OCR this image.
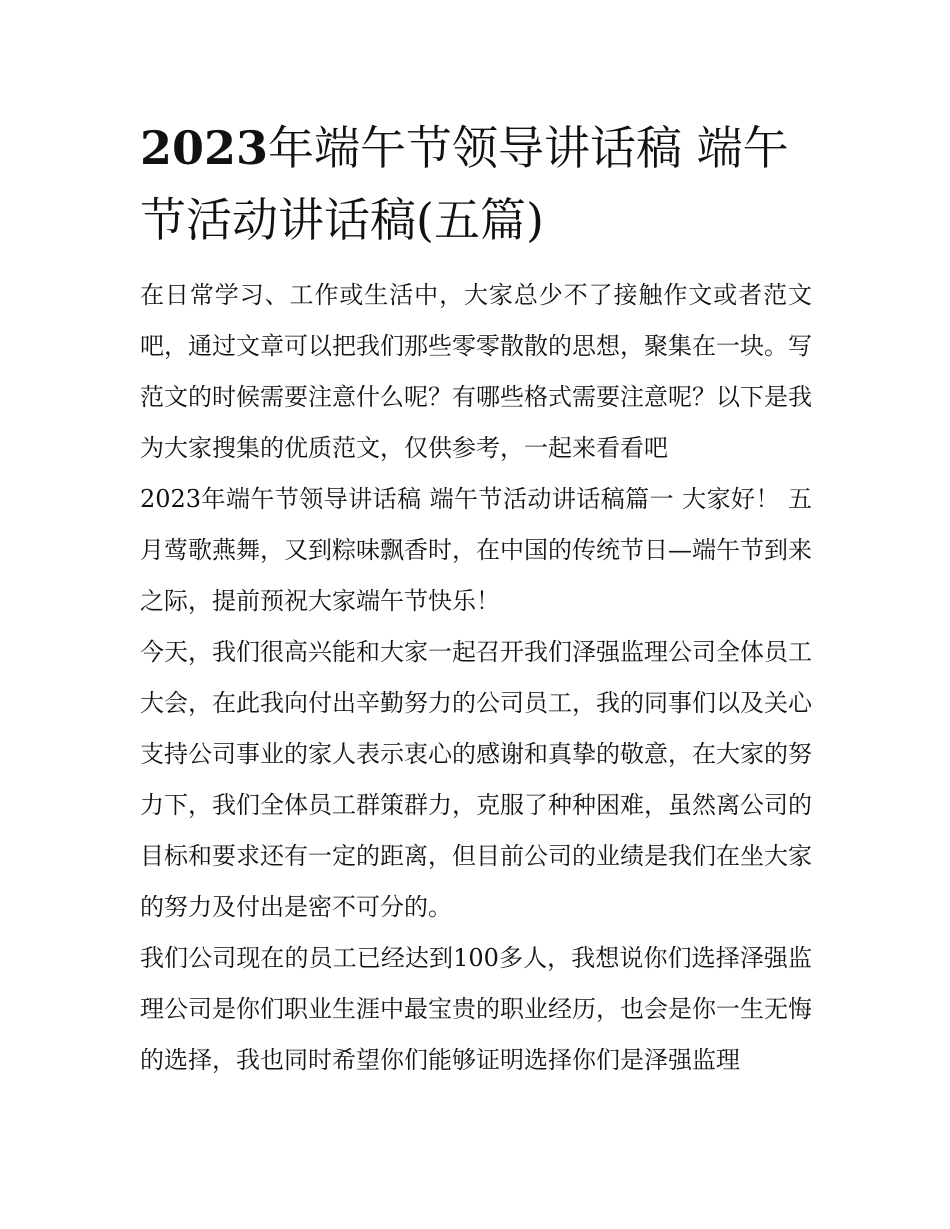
2023年端午节领导讲话稿 端午节活动讲话稿(五篇)

在日常学习、工作或生活中，大家总少不了接触作文或者范文吧，通过文章可以把我们那些零零散散的思想，聚集在一块。写范文的时候需要注意什么呢？有哪些格式需要注意呢？以下是我为大家搜集的优质范文，仅供参考，一起来看看吧

2023年端午节领导讲话稿 端午节活动讲话稿篇一 大家好！ 五月莺歌燕舞，又到粽味飘香时，在中国的传统节日—端午节到来之际，提前预祝大家端午节快乐！

今天，我们很高兴能和大家一起召开我们泽强监理公司全体员工大会，在此我向付出辛勤努力的公司员工，我的同事们以及关心支持公司事业的家人表示衷心的感谢和真挚的敬意，在大家的努力下，我们全体员工群策群力，克服了种种困难，虽然离公司的目标和要求还有一定的距离，但目前公司的业绩是我们在坐大家的努力及付出是密不可分的。

我们公司现在的员工已经达到100多人，我想说你们选择泽强监理公司是你们职业生涯中最宝贵的职业经历，也会是你一生无悔的选择，我也同时希望你们能够证明选择你们是泽强监理
